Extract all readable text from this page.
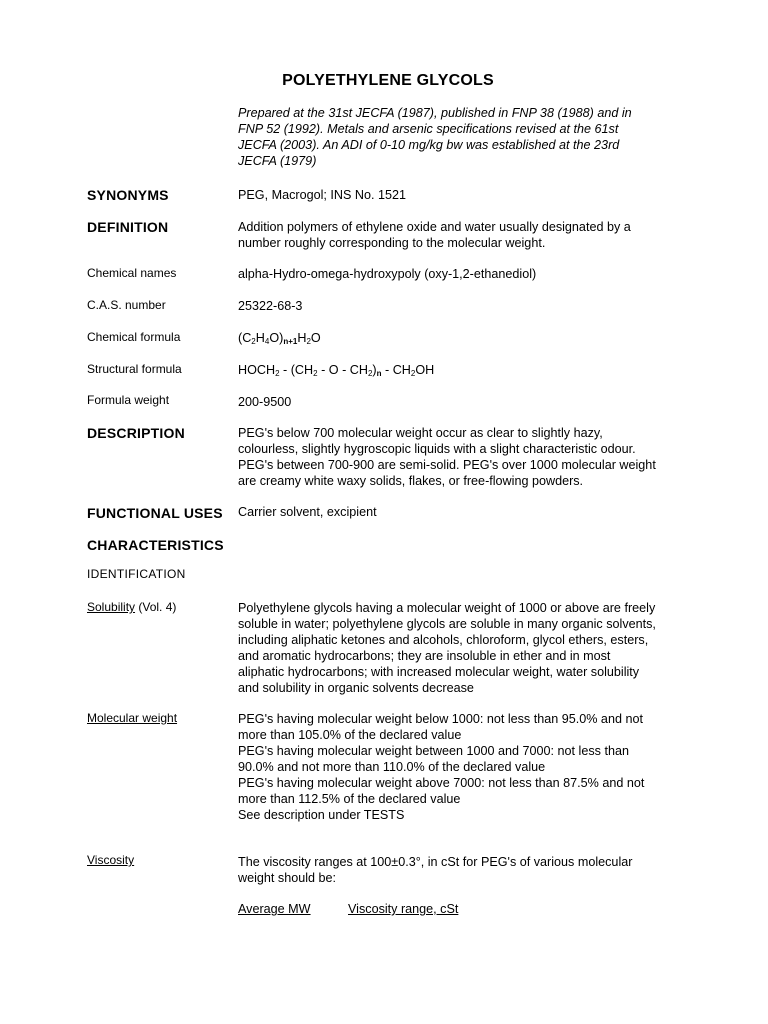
POLYETHYLENE GLYCOLS
Prepared at the 31st JECFA (1987), published in FNP 38 (1988) and in
FNP 52 (1992). Metals and arsenic specifications revised at the 61st
JECFA (2003). An ADI of 0-10 mg/kg bw was established at the 23rd
JECFA (1979)
SYNONYMS	PEG, Macrogol; INS No. 1521
DEFINITION	Addition polymers of ethylene oxide and water usually designated by a
number roughly corresponding to the molecular weight.
Chemical names	alpha-Hydro-omega-hydroxypoly (oxy-1,2-ethanediol)
C.A.S. number	25322-68-3
Chemical formula	$(C_2H_4O)_{n+1}H_2O$
Structural formula	$HOCH_2 - (CH_2$ - O - $CH_2)_n - CH_2OH$
Formula weight	200-9500
DESCRIPTION	PEG's below 700 molecular weight occur as clear to slightly hazy,
colourless, slightly hygroscopic liquids with a slight characteristic odour.
PEG's between 700-900 are semi-solid. PEG's over 1000 molecular weight
are creamy white waxy solids, flakes, or free-flowing powders.
FUNCTIONAL USES	Carrier solvent, excipient
CHARACTERISTICS
IDENTIFICATION
Solubility (Vol. 4)	Polyethylene glycols having a molecular weight of 1000 or above are freely
soluble in water; polyethylene glycols are soluble in many organic solvents,
including aliphatic ketones and alcohols, chloroform, glycol ethers, esters,
and aromatic hydrocarbons; they are insoluble in ether and in most
aliphatic hydrocarbons; with increased molecular weight, water solubility
and solubility in organic solvents decrease
Molecular weight	PEG's having molecular weight below 1000: not less than 95.0% and not
more than 105.0% of the declared value
PEG's having molecular weight between 1000 and 7000: not less than
90.0% and not more than 110.0% of the declared value
PEG's having molecular weight above 7000: not less than 87.5% and not
more than 112.5% of the declared value
See description under TESTS
Viscosity	The viscosity ranges at 100±0.3°, in cSt for PEG's of various molecular
weight should be:
Average MW	Viscosity range, cSt
